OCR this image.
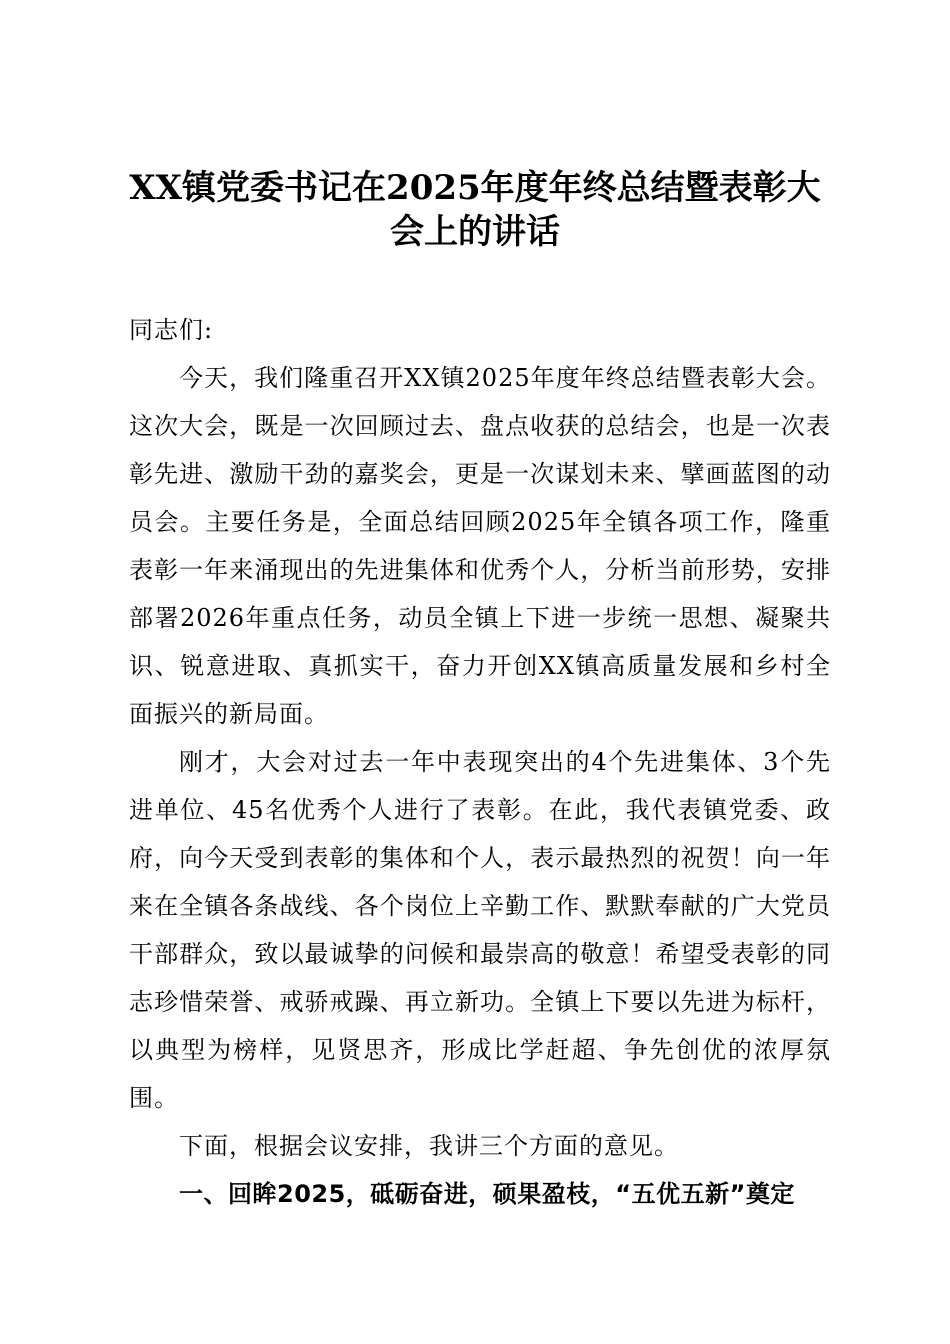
XX镇党委书记在2025年度年终总结暨表彰大
会上的讲话

同志们:

今天，我们隆重召开XX镇2025年度年终总结暨表彰大会。这次大会，既是一次回顾过去、盘点收获的总结会，也是一次表彰先进、激励干劲的嘉奖会，更是一次谋划未来、擘画蓝图的动员会。主要任务是，全面总结回顾2025年全镇各项工作，隆重表彰一年来涌现出的先进集体和优秀个人，分析当前形势，安排部署2026年重点任务，动员全镇上下进一步统一思想、凝聚共识、锐意进取、真抓实干，奋力开创XX镇高质量发展和乡村全面振兴的新局面。

刚才，大会对过去一年中表现突出的4个先进集体、3个先进单位、45名优秀个人进行了表彰。在此，我代表镇党委、政府，向今天受到表彰的集体和个人，表示最热烈的祝贺！向一年来在全镇各条战线、各个岗位上辛勤工作、默默奉献的广大党员干部群众，致以最诚挚的问候和最崇高的敬意！希望受表彰的同志珍惜荣誉、戒骄戒躁、再立新功。全镇上下要以先进为标杆，以典型为榜样，见贤思齐，形成比学赶超、争先创优的浓厚氛围。

下面，根据会议安排，我讲三个方面的意见。

一、回眸2025，砥砺奋进，硕果盈枝，“五优五新”奠定
